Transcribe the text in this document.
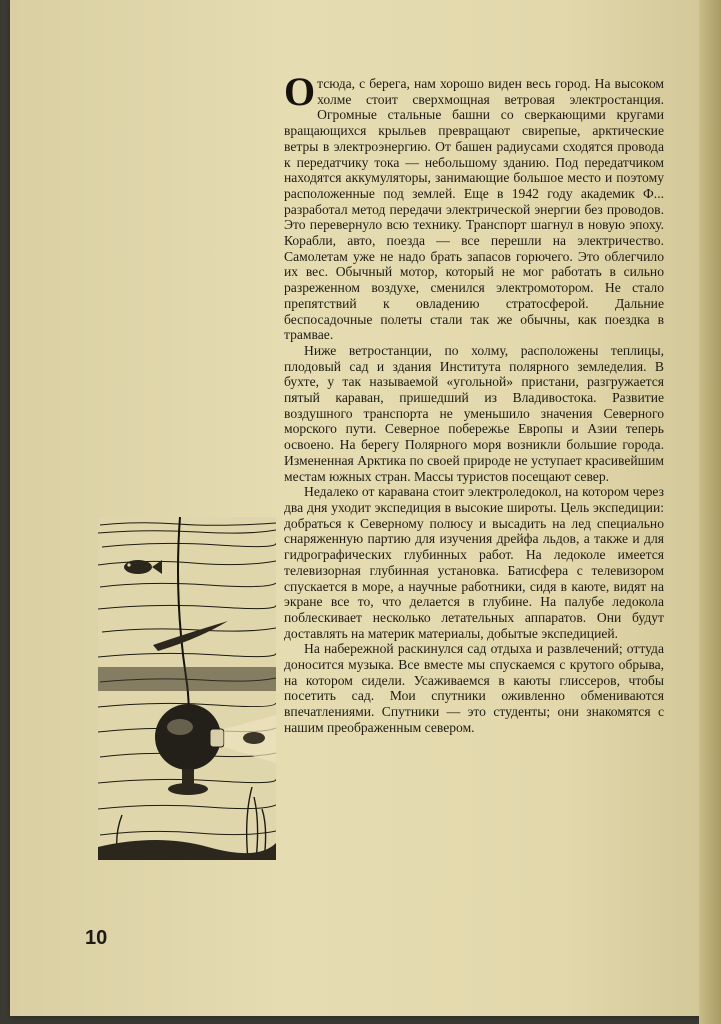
Отсюда, с берега, нам хорошо виден весь город. На высоком холме стоит сверхмощная ветровая электростанция. Огромные стальные башни со сверкающими кругами вращающихся крыльев превращают свирепые, арктические ветры в электроэнергию. От башен радиусами сходятся провода к передатчику тока — небольшому зданию. Под передатчиком находятся аккумуляторы, занимающие большое место и поэтому расположенные под землей. Еще в 1942 году академик Ф... разработал метод передачи электрической энергии без проводов. Это перевернуло всю технику. Транспорт шагнул в новую эпоху. Корабли, авто, поезда — все перешли на электричество. Самолетам уже не надо брать запасов горючего. Это облегчило их вес. Обычный мотор, который не мог работать в сильно разреженном воздухе, сменился электромотором. Не стало препятствий к овладению стратосферой. Дальние беспосадочные полеты стали так же обычны, как поездка в трамвае.

Ниже ветростанции, по холму, расположены теплицы, плодовый сад и здания Института полярного земледелия. В бухте, у так называемой «угольной» пристани, разгружается пятый караван, пришедший из Владивостока. Развитие воздушного транспорта не уменьшило значения Северного морского пути. Северное побережье Европы и Азии теперь освоено. На берегу Полярного моря возникли большие города. Измененная Арктика по своей природе не уступает красивейшим местам южных стран. Массы туристов посещают север.

Недалеко от каравана стоит электроледокол, на котором через два дня уходит экспедиция в высокие широты. Цель экспедиции: добраться к Северному полюсу и высадить на лед специально снаряженную партию для изучения дрейфа льдов, а также и для гидрографических глубинных работ. На ледоколе имеется телевизорная глубинная установка. Батисфера с телевизором спускается в море, а научные работники, сидя в каюте, видят на экране все то, что делается в глубине. На палубе ледокола поблескивает несколько летательных аппаратов. Они будут доставлять на материк материалы, добытые экспедицией.

На набережной раскинулся сад отдыха и развлечений; оттуда доносится музыка. Все вместе мы спускаемся с крутого обрыва, на котором сидели. Усаживаемся в каюты глиссеров, чтобы посетить сад. Мои спутники оживленно обмениваются впечатлениями. Спутники — это студенты; они знакомятся с нашим преображенным севером.

10
